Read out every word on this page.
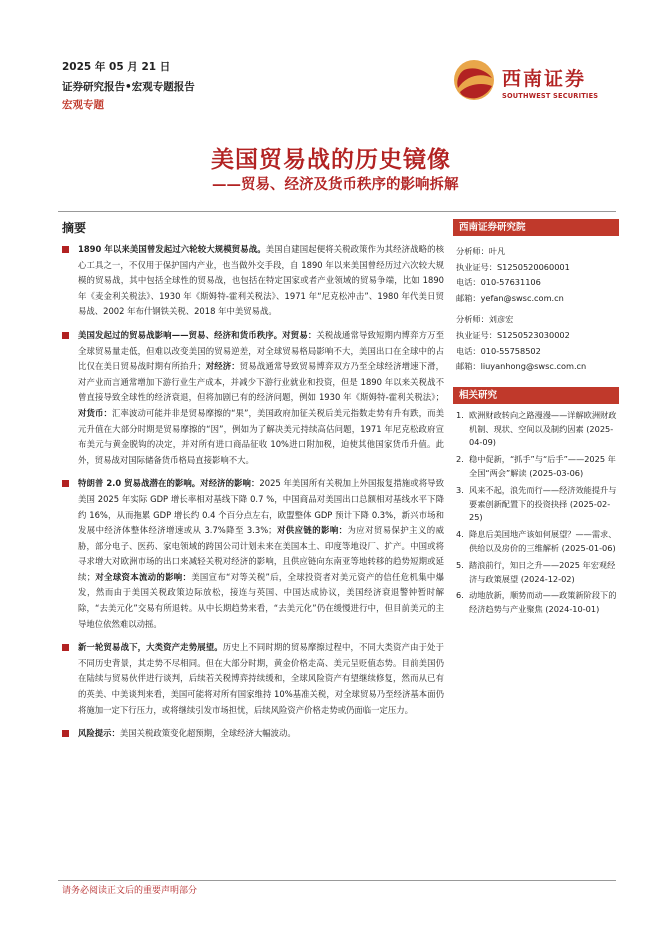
2025 年 05 月 21 日
证券研究报告•宏观专题报告
宏观专题
西南证券
SOUTHWEST SECURITIES
美国贸易战的历史镜像
——贸易、经济及货币秩序的影响拆解
摘要
1890 年以来美国曾发起过六轮较大规模贸易战。美国自建国起便将关税政策作为其经济战略的核心工具之一，不仅用于保护国内产业，也当做外交手段，自 1890 年以来美国曾经历过六次较大规模的贸易战，其中包括全球性的贸易战，也包括在特定国家或者产业领域的贸易争端，比如 1890 年《麦金利关税法》、1930 年《斯姆特-霍利关税法》、1971 年“尼克松冲击”、1980 年代美日贸易战、2002 年布什钢铁关税、2018 年中美贸易战。
美国发起过的贸易战影响——贸易、经济和货币秩序。对贸易：关税战通常导致短期内博弈方万至全球贸易量走低，但难以改变美国的贸易逆差，对全球贸易格局影响不大，美国出口在全球中的占比仅在美日贸易战时期有所抬升；对经济：贸易战通常导致贸易博弈双方乃至全球经济增速下滑，对产业而言通常增加下游行业生产成本，并减少下游行业就业和投资，但是 1890 年以来关税战不曾直接导致全球性的经济衰退，但将加剧已有的经济问题，例如 1930 年《斯姆特-霍利关税法》；对货币：汇率波动可能并非是贸易摩擦的“果”，美国政府加征关税后美元指数走势有升有跌，而美元升值在大部分时期是贸易摩擦的“因”，例如为了解决美元持续高估问题，1971 年尼克松政府宣布美元与黄金脱钩的决定，并对所有进口商品征收 10%进口附加税，迫使其他国家货币升值。此外，贸易战对国际储备货币格局直接影响不大。
特朗普 2.0 贸易战潜在的影响。对经济的影响：2025 年美国所有关税加上外国报复措施或将导致美国 2025 年实际 GDP 增长率相对基线下降 0.7 %，中国商品对美国出口总额相对基线水平下降约 16%，从而拖累 GDP 增长约 0.4 个百分点左右，欧盟整体 GDP 预计下降 0.3%，新兴市场和发展中经济体整体经济增速或从 3.7%降至 3.3%；对供应链的影响：为应对贸易保护主义的威胁，部分电子、医药、家电领域的跨国公司计划未来在美国本土、印度等地设厂、扩产。中国或将寻求增大对欧洲市场的出口来减轻关税对经济的影响，且供应链向东南亚等地转移的趋势短期或延续；对全球资本流动的影响：美国宣布“对等关税”后，全球投资者对美元资产的信任危机集中爆发，然而由于美国关税政策边际放松，接连与英国、中国达成协议，美国经济衰退警钟暂时解除，“去美元化”交易有所退转。从中长期趋势来看，“去美元化”仍在缓慢进行中，但目前美元的主导地位依然难以动摇。
新一轮贸易战下，大类资产走势展望。历史上不同时期的贸易摩擦过程中，不同大类资产由于处于不同历史背景，其走势不尽相同。但在大部分时期，黄金价格走高、美元呈贬值态势。目前美国仍在陆续与贸易伙伴进行谈判，后续若关税博弈持续缓和，全球风险资产有望继续修复，然而从已有的英美、中美谈判来看，美国可能将对所有国家维持 10%基准关税，对全球贸易乃至经济基本面仍将施加一定下行压力，或将继续引发市场担忧，后续风险资产价格走势或仍面临一定压力。
风险提示：美国关税政策变化超预期，全球经济大幅波动。
西南证券研究院
分析师：叶凡
执业证号：S1250520060001
电话：010-57631106
邮箱：yefan@swsc.com.cn
分析师：刘彦宏
执业证号：S1250523030002
电话：010-55758502
邮箱：liuyanhong@swsc.com.cn
相关研究
1. 欧洲财政转向之路漫漫——详解欧洲财政机制、现状、空间以及制约因素 (2025-04-09)
2. 稳中促新，“抓手”与“后手”——2025 年全国“两会”解读 (2025-03-06)
3. 风来不起，浪先而行——经济效能提升与要素创新配置下的投资抉择 (2025-02-25)
4. 降息后美国地产该如何展望？——需求、供给以及房价的三维解析 (2025-01-06)
5. 踏浪前行，知日之升——2025 年宏观经济与政策展望 (2024-12-02)
6. 动地放新，顺势而动——政策新阶段下的经济趋势与产业聚焦 (2024-10-01)
请务必阅读正文后的重要声明部分
